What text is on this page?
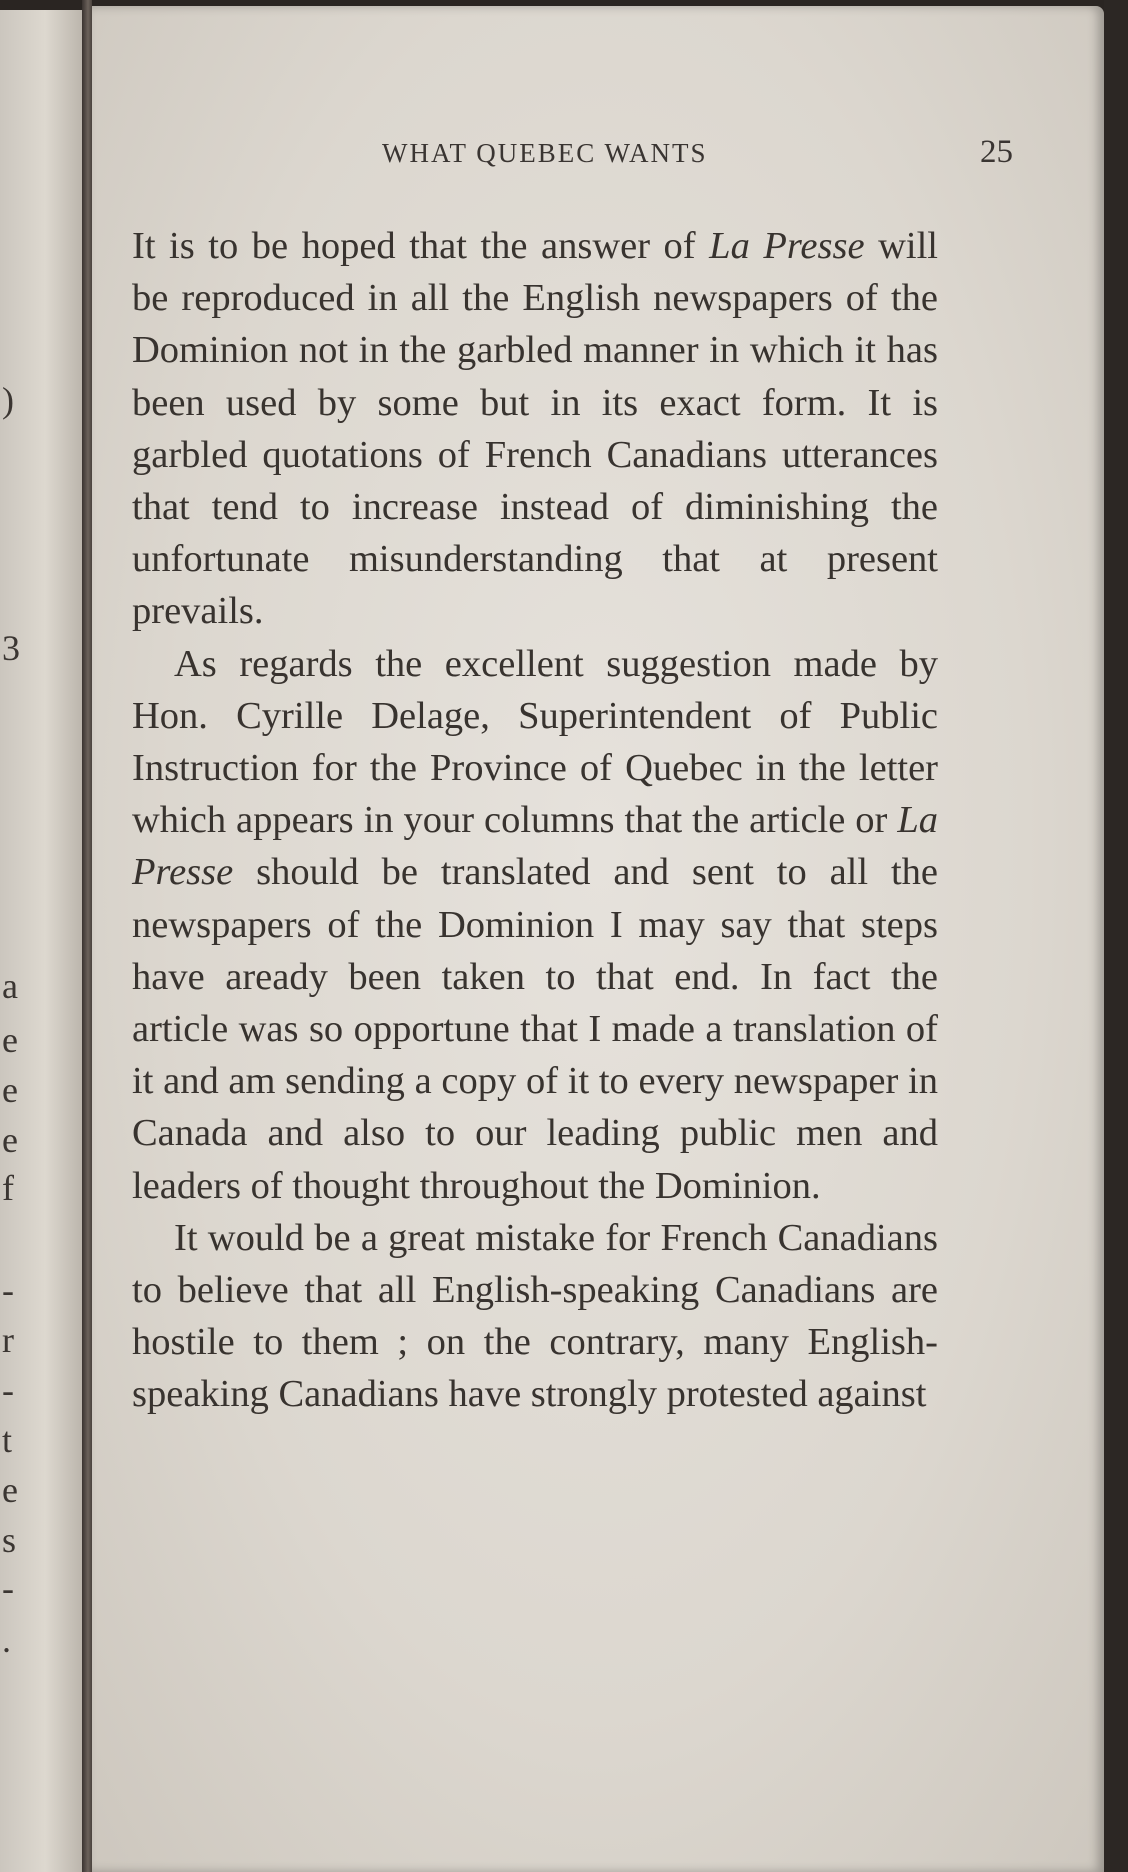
)
3
a
e
e
e
f
-
r
-
t
e
s
-
.
WHAT QUEBEC WANTS	25

It is to be hoped that the answer of La Presse will be reproduced in all the English newspapers of the Dominion not in the garbled manner in which it has been used by some but in its exact form. It is garbled quotations of French Canadians utterances that tend to increase instead of diminishing the unfortunate misunderstanding that at present prevails.

As regards the excellent suggestion made by Hon. Cyrille Delage, Superintendent of Public Instruction for the Province of Quebec in the letter which appears in your columns that the article or La Presse should be translated and sent to all the newspapers of the Dominion I may say that steps have aready been taken to that end. In fact the article was so opportune that I made a translation of it and am sending a copy of it to every newspaper in Canada and also to our leading public men and leaders of thought throughout the Dominion.

It would be a great mistake for French Canadians to believe that all English-speaking Canadians are hostile to them ; on the contrary, many English-speaking Canadians have strongly protested against
